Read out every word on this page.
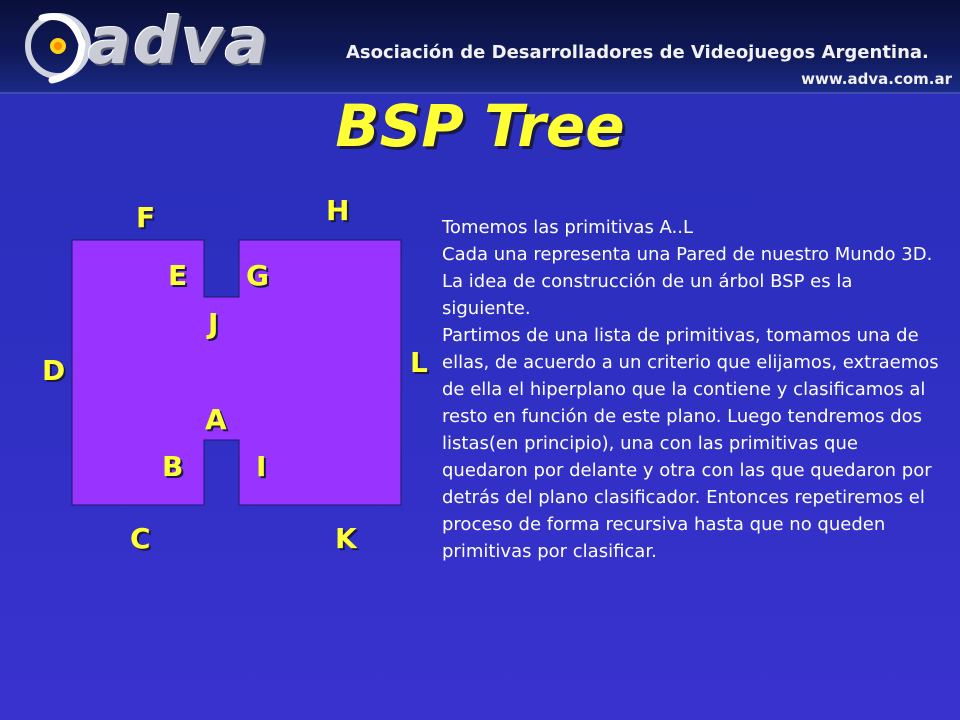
adva	Asociación de Desarrolladores de Videojuegos Argentina.
www.adva.com.ar
BSP Tree
F	H
E G
J
D	L
A
B	I
C	K

Tomemos las primitivas A..L

Cada una representa una Pared de nuestro Mundo 3D.

La idea de construcción de un árbol BSP es la siguiente.

Partimos de una lista de primitivas, tomamos una de ellas, de acuerdo a un criterio que elijamos, extraemos de ella el hiperplano que la contiene y clasificamos al resto en función de este plano. Luego tendremos dos listas(en principio), una con las primitivas que quedaron por delante y otra con las que quedaron por detrás del plano clasificador. Entonces repetiremos el proceso de forma recursiva hasta que no queden primitivas por clasificar.
